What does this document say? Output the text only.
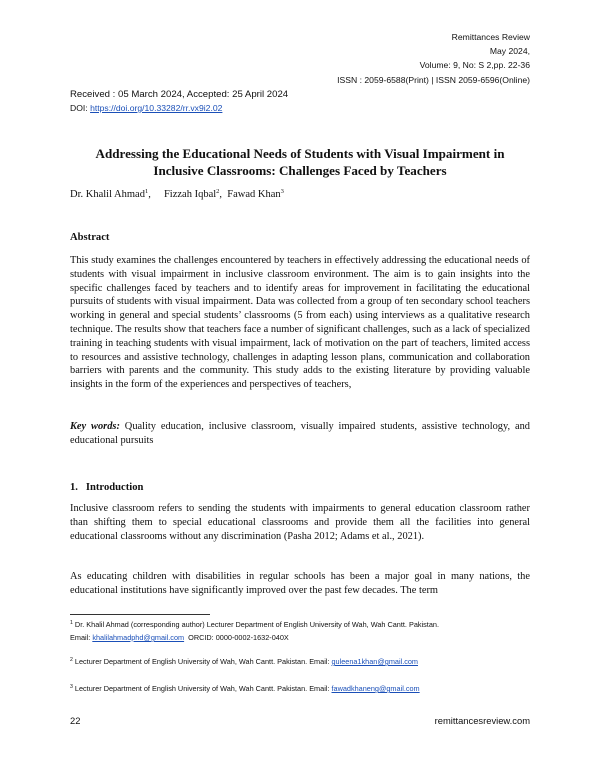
Remittances Review
May 2024,
Volume: 9, No: S 2,pp. 22-36
ISSN : 2059-6588(Print) | ISSN 2059-6596(Online)
Received : 05 March 2024, Accepted: 25 April 2024
DOI: https://doi.org/10.33282/rr.vx9i2.02
Addressing the Educational Needs of Students with Visual Impairment in
Inclusive Classrooms: Challenges Faced by Teachers
Dr. Khalil Ahmad$^1$,     Fizzah Iqbal$^2$,  Fawad Khan$^3$
Abstract
This study examines the challenges encountered by teachers in effectively addressing the educational needs of students with visual impairment in inclusive classroom environment. The aim is to gain insights into the specific challenges faced by teachers and to identify areas for improvement in facilitating the educational pursuits of students with visual impairment. Data was collected from a group of ten secondary school teachers working in general and special students’ classrooms (5 from each) using interviews as a qualitative research technique. The results show that teachers face a number of significant challenges, such as a lack of specialized training in teaching students with visual impairment, lack of motivation on the part of teachers, limited access to resources and assistive technology, challenges in adapting lesson plans, communication and collaboration barriers with parents and the community. This study adds to the existing literature by providing valuable insights in the form of the experiences and perspectives of teachers,
Key words: Quality education, inclusive classroom, visually impaired students, assistive technology, and educational pursuits
1.   Introduction
Inclusive classroom refers to sending the students with impairments to general education classroom rather than shifting them to special educational classrooms and provide them all the facilities into general educational classrooms without any discrimination (Pasha 2012; Adams et al., 2021).
As educating children with disabilities in regular schools has been a major goal in many nations, the educational institutions have significantly improved over the past few decades. The term
$^1$ Dr. Khalil Ahmad (corresponding author) Lecturer Department of English University of Wah, Wah Cantt. Pakistan.
Email: khalilahmadphd@gmail.com  ORCID: 0000-0002-1632-040X
$^2$ Lecturer Department of English University of Wah, Wah Cantt. Pakistan. Email: guleena1khan@gmail.com
$^3$ Lecturer Department of English University of Wah, Wah Cantt. Pakistan. Email: fawadkhaneng@gmail.com
22	remittancesreview.com
